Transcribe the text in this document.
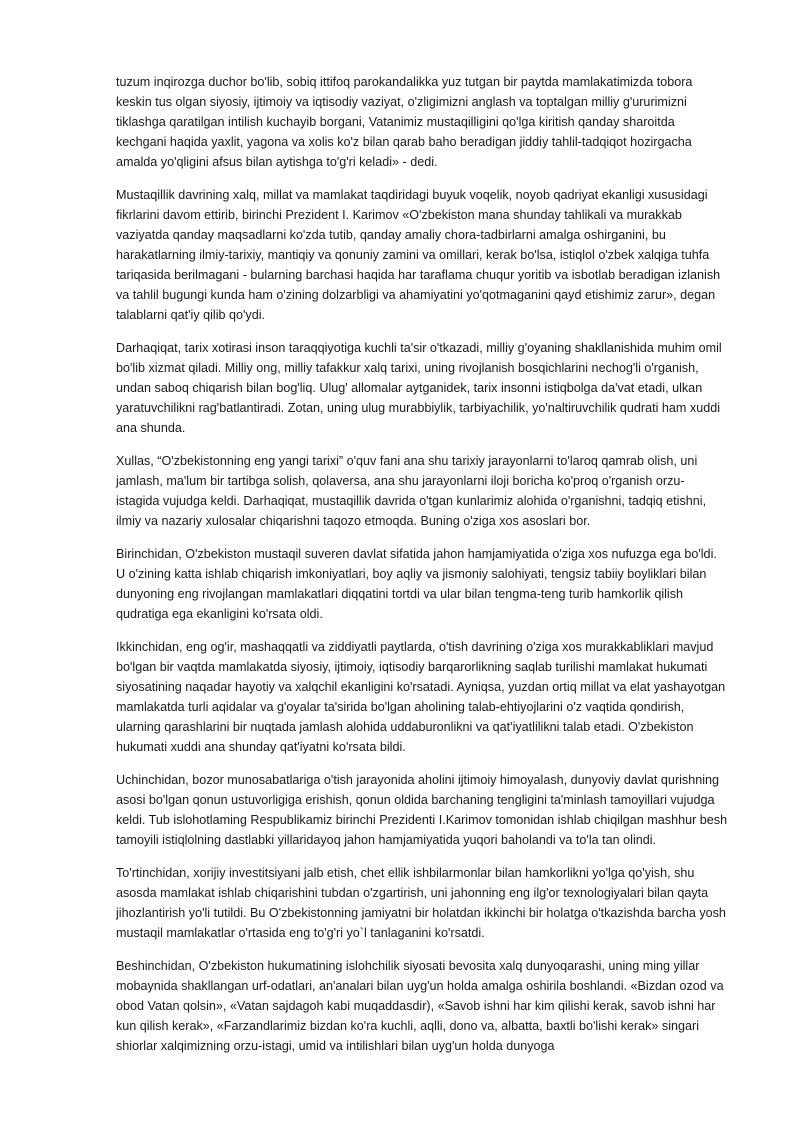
tuzum inqirozga duchor bo'lib, sobiq ittifoq parokandalikka yuz tutgan bir paytda mamlakatimizda tobora keskin tus olgan siyosiy, ijtimoiy va iqtisodiy vaziyat, o'zligimizni anglash va toptalgan milliy g'ururimizni tiklashga qaratilgan intilish kuchayib borgani, Vatanimiz mustaqilligini qo'lga kiritish qanday sharoitda kechgani haqida yaxlit, yagona va xolis ko'z bilan qarab baho beradigan jiddiy tahlil-tadqiqot hozirgacha amalda yo'qligini afsus bilan aytishga to'g'ri keladi» - dedi.

Mustaqillik davrining xalq, millat va mamlakat taqdiridagi buyuk voqelik, noyob qadriyat ekanligi xususidagi fikrlarini davom ettirib, birinchi Prezident I. Karimov «O'zbekiston mana shunday tahlikali va murakkab vaziyatda qanday maqsadlarni ko'zda tutib, qanday amaliy chora-tadbirlarni amalga oshirganini, bu harakatlarning ilmiy-tarixiy, mantiqiy va qonuniy zamini va omillari, kerak bo'lsa, istiqlol o'zbek xalqiga tuhfa tariqasida berilmagani - bularning barchasi haqida har taraflama chuqur yoritib va isbotlab beradigan izlanish va tahlil bugungi kunda ham o'zining dolzarbligi va ahamiyatini yo'qotmaganini qayd etishimiz zarur», degan talablarni qat'iy qilib qo'ydi.

Darhaqiqat, tarix xotirasi inson taraqqiyotiga kuchli ta'sir o'tkazadi, milliy g'oyaning shakllanishida muhim omil bo'lib xizmat qiladi. Milliy ong, milliy tafakkur xalq tarixi, uning rivojlanish bosqichlarini nechog'li o'rganish, undan saboq chiqarish bilan bog'liq. Ulug' allomalar aytganidek, tarix insonni istiqbolga da'vat etadi, ulkan yaratuvchilikni rag'batlantiradi. Zotan, uning ulug murabbiylik, tarbiyachilik, yo'naltiruvchilik qudrati ham xuddi ana shunda.

Xullas, “O'zbekistonning eng yangi tarixi” o'quv fani ana shu tarixiy jarayonlarni to'laroq qamrab olish, uni jamlash, ma'lum bir tartibga solish, qolaversa, ana shu jarayonlarni iloji boricha ko'proq o'rganish orzu-istagida vujudga keldi. Darhaqiqat, mustaqillik davrida o'tgan kunlarimiz alohida o'rganishni, tadqiq etishni, ilmiy va nazariy xulosalar chiqarishni taqozo etmoqda. Buning o'ziga xos asoslari bor.

Birinchidan, O'zbekiston mustaqil suveren davlat sifatida jahon hamjamiyatida o'ziga xos nufuzga ega bo'ldi. U o'zining katta ishlab chiqarish imkoniyatlari, boy aqliy va jismoniy salohiyati, tengsiz tabiiy boyliklari bilan dunyoning eng rivojlangan mamlakatlari diqqatini tortdi va ular bilan tengma-teng turib hamkorlik qilish qudratiga ega ekanligini ko'rsata oldi.

Ikkinchidan, eng og'ir, mashaqqatli va ziddiyatli paytlarda, o'tish davrining o'ziga xos murakkabliklari mavjud bo'lgan bir vaqtda mamlakatda siyosiy, ijtimoiy, iqtisodiy barqarorlikning saqlab turilishi mamlakat hukumati siyosatining naqadar hayotiy va xalqchil ekanligini ko'rsatadi. Ayniqsa, yuzdan ortiq millat va elat yashayotgan mamlakatda turli aqidalar va g'oyalar ta'sirida bo'lgan aholining talab-ehtiyojlarini o'z vaqtida qondirish, ularning qarashlarini bir nuqtada jamlash alohida uddaburonlikni va qat'iyatlilikni talab etadi. O'zbekiston hukumati xuddi ana shunday qat'iyatni ko'rsata bildi.

Uchinchidan, bozor munosabatlariga o'tish jarayonida aholini ijtimoiy himoyalash, dunyoviy davlat qurishning asosi bo'lgan qonun ustuvorligiga erishish, qonun oldida barchaning tengligini ta'minlash tamoyillari vujudga keldi. Tub islohotlaming Respublikamiz birinchi Prezidenti I.Karimov tomonidan ishlab chiqilgan mashhur besh tamoyili istiqlolning dastlabki yillaridayoq jahon hamjamiyatida yuqori baholandi va to'la tan olindi.

To'rtinchidan, xorijiy investitsiyani jalb etish, chet ellik ishbilarmonlar bilan hamkorlikni yo'lga qo'yish, shu asosda mamlakat ishlab chiqarishini tubdan o'zgartirish, uni jahonning eng ilg'or texnologiyalari bilan qayta jihozlantirish yo'li tutildi. Bu O'zbekistonning jamiyatni bir holatdan ikkinchi bir holatga o'tkazishda barcha yosh mustaqil mamlakatlar o'rtasida eng to'g'ri yo`l tanlaganini ko'rsatdi.

Beshinchidan, O'zbekiston hukumatining islohchilik siyosati bevosita xalq dunyoqarashi, uning ming yillar mobaynida shakllangan urf-odatlari, an'analari bilan uyg'un holda amalga oshirila boshlandi. «Bizdan ozod va obod Vatan qolsin», «Vatan sajdagoh kabi muqaddasdir), «Savob ishni har kim qilishi kerak, savob ishni har kun qilish kerak», «Farzandlarimiz bizdan ko'ra kuchli, aqlli, dono va, albatta, baxtli bo'lishi kerak» singari shiorlar xalqimizning orzu-istagi, umid va intilishlari bilan uyg'un holda dunyoga
